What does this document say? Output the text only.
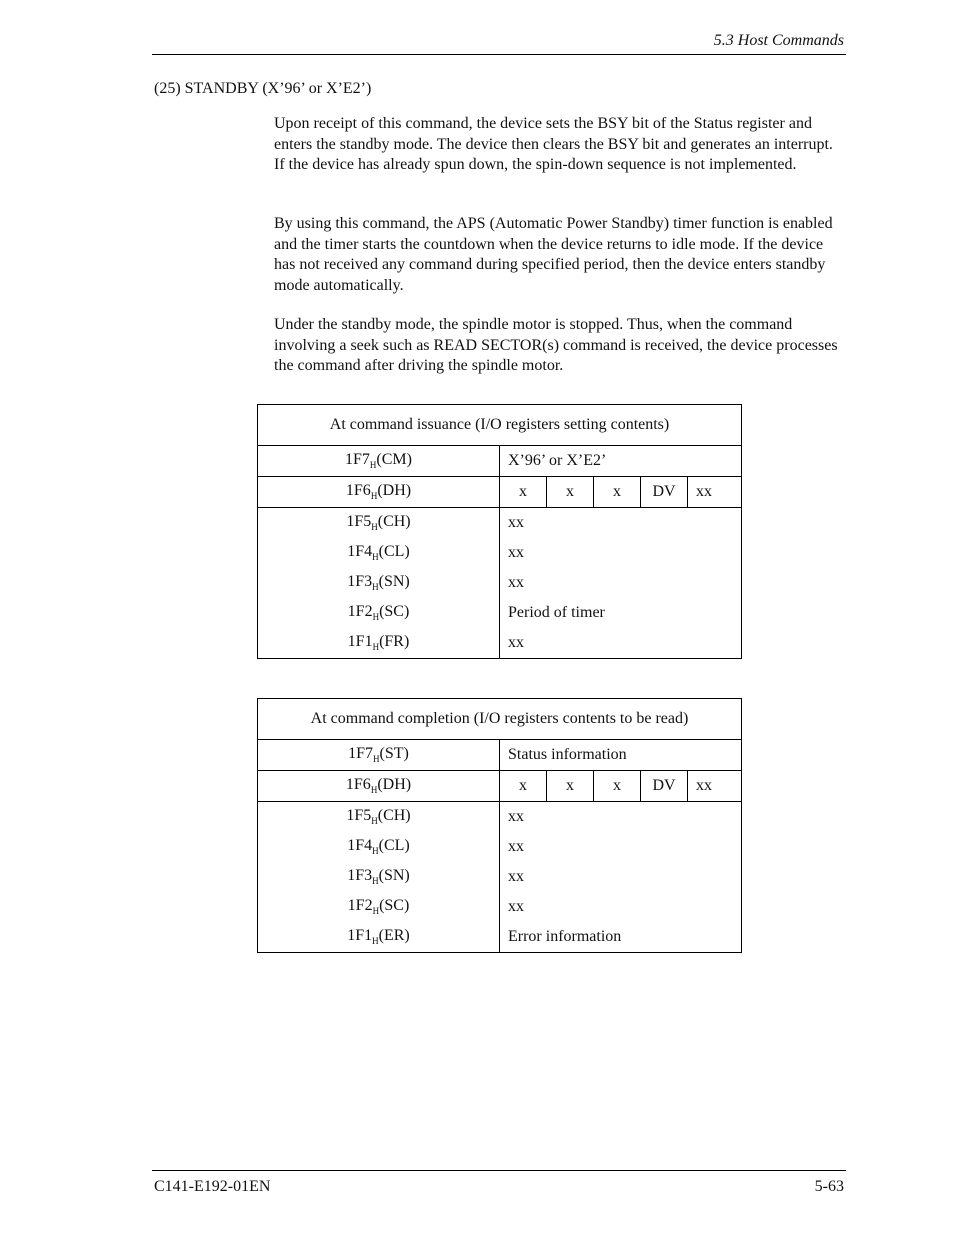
5.3 Host Commands
(25) STANDBY (X’96’ or X’E2’)

Upon receipt of this command, the device sets the BSY bit of the Status register and enters the standby mode. The device then clears the BSY bit and generates an interrupt. If the device has already spun down, the spin-down sequence is not implemented.

By using this command, the APS (Automatic Power Standby) timer function is enabled and the timer starts the countdown when the device returns to idle mode. If the device has not received any command during specified period, then the device enters standby mode automatically.

Under the standby mode, the spindle motor is stopped. Thus, when the command involving a seek such as READ SECTOR(s) command is received, the device processes the command after driving the spindle motor.

At command issuance (I/O registers setting contents)	
$1F7_H(CM)$	X’96’ or X’E2’
$1F6_H(DH)$	x x x DV xx

$1F5_H(CH)$	xx
$1F4_H(CL)$	xx
$1F3_H(SN)$	xx
$1F2_H(SC)$	Period of timer
$1F1_H(FR)$	xx
At command completion (I/O registers contents to be read)	
$1F7_H(ST)$	Status information
$1F6_H(DH)$	x x x DV xx

$1F5_H(CH)$	xx
$1F4_H(CL)$	xx
$1F3_H(SN)$	xx
$1F2_H(SC)$	xx
$1F1_H(ER)$	Error information
C141-E192-01EN	5-63
